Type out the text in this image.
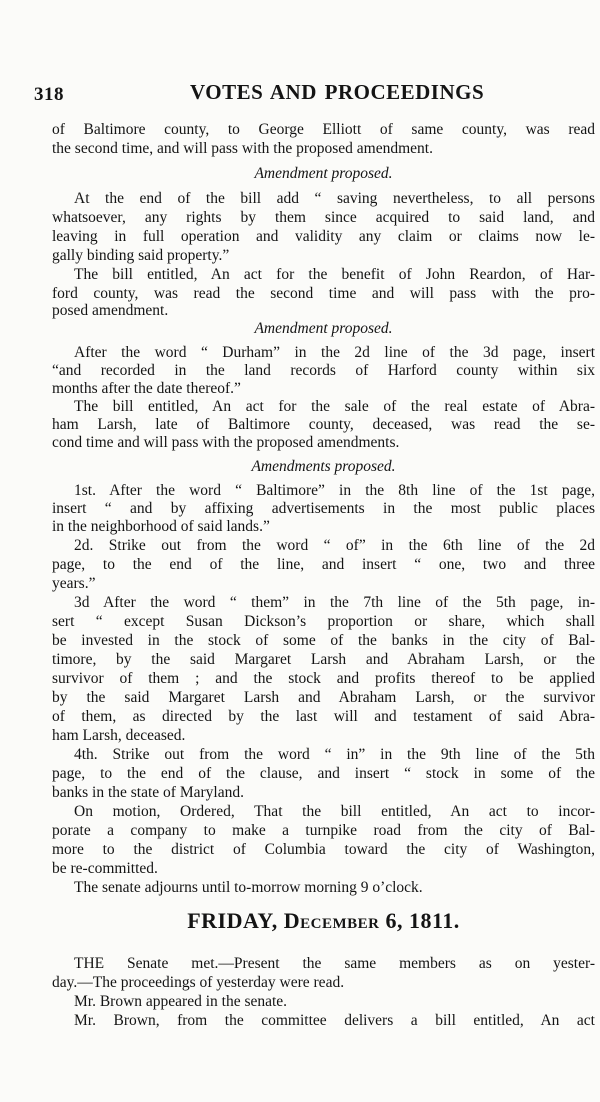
318	VOTES AND PROCEEDINGS
of Baltimore county, to George Elliott of same county, was read
the second time, and will pass with the proposed amendment.
Amendment proposed.
At the end of the bill add “ saving nevertheless, to all persons
whatsoever, any rights by them since acquired to said land, and
leaving in full operation and validity any claim or claims now le-
gally binding said property.”
The bill entitled, An act for the benefit of John Reardon, of Har-
ford county, was read the second time and will pass with the pro-
posed amendment.
Amendment proposed.
After the word “ Durham” in the 2d line of the 3d page, insert
“and recorded in the land records of Harford county within six
months after the date thereof.”
The bill entitled, An act for the sale of the real estate of Abra-
ham Larsh, late of Baltimore county, deceased, was read the se-
cond time and will pass with the proposed amendments.
Amendments proposed.
1st. After the word “ Baltimore” in the 8th line of the 1st page,
insert “ and by affixing advertisements in the most public places
in the neighborhood of said lands.”
2d. Strike out from the word “ of” in the 6th line of the 2d
page, to the end of the line, and insert “ one, two and three
years.”
3d After the word “ them” in the 7th line of the 5th page, in-
sert “ except Susan Dickson’s proportion or share, which shall
be invested in the stock of some of the banks in the city of Bal-
timore, by the said Margaret Larsh and Abraham Larsh, or the
survivor of them ; and the stock and profits thereof to be applied
by the said Margaret Larsh and Abraham Larsh, or the survivor
of them, as directed by the last will and testament of said Abra-
ham Larsh, deceased.
4th. Strike out from the word “ in” in the 9th line of the 5th
page, to the end of the clause, and insert “ stock in some of the
banks in the state of Maryland.
On motion, Ordered, That the bill entitled, An act to incor-
porate a company to make a turnpike road from the city of Bal-
more to the district of Columbia toward the city of Washington,
be re-committed.
The senate adjourns until to-morrow morning 9 o’clock.
FRIDAY, December 6, 1811.
THE Senate met.—Present the same members as on yester-
day.—The proceedings of yesterday were read.
Mr. Brown appeared in the senate.
Mr. Brown, from the committee delivers a bill entitled, An act
